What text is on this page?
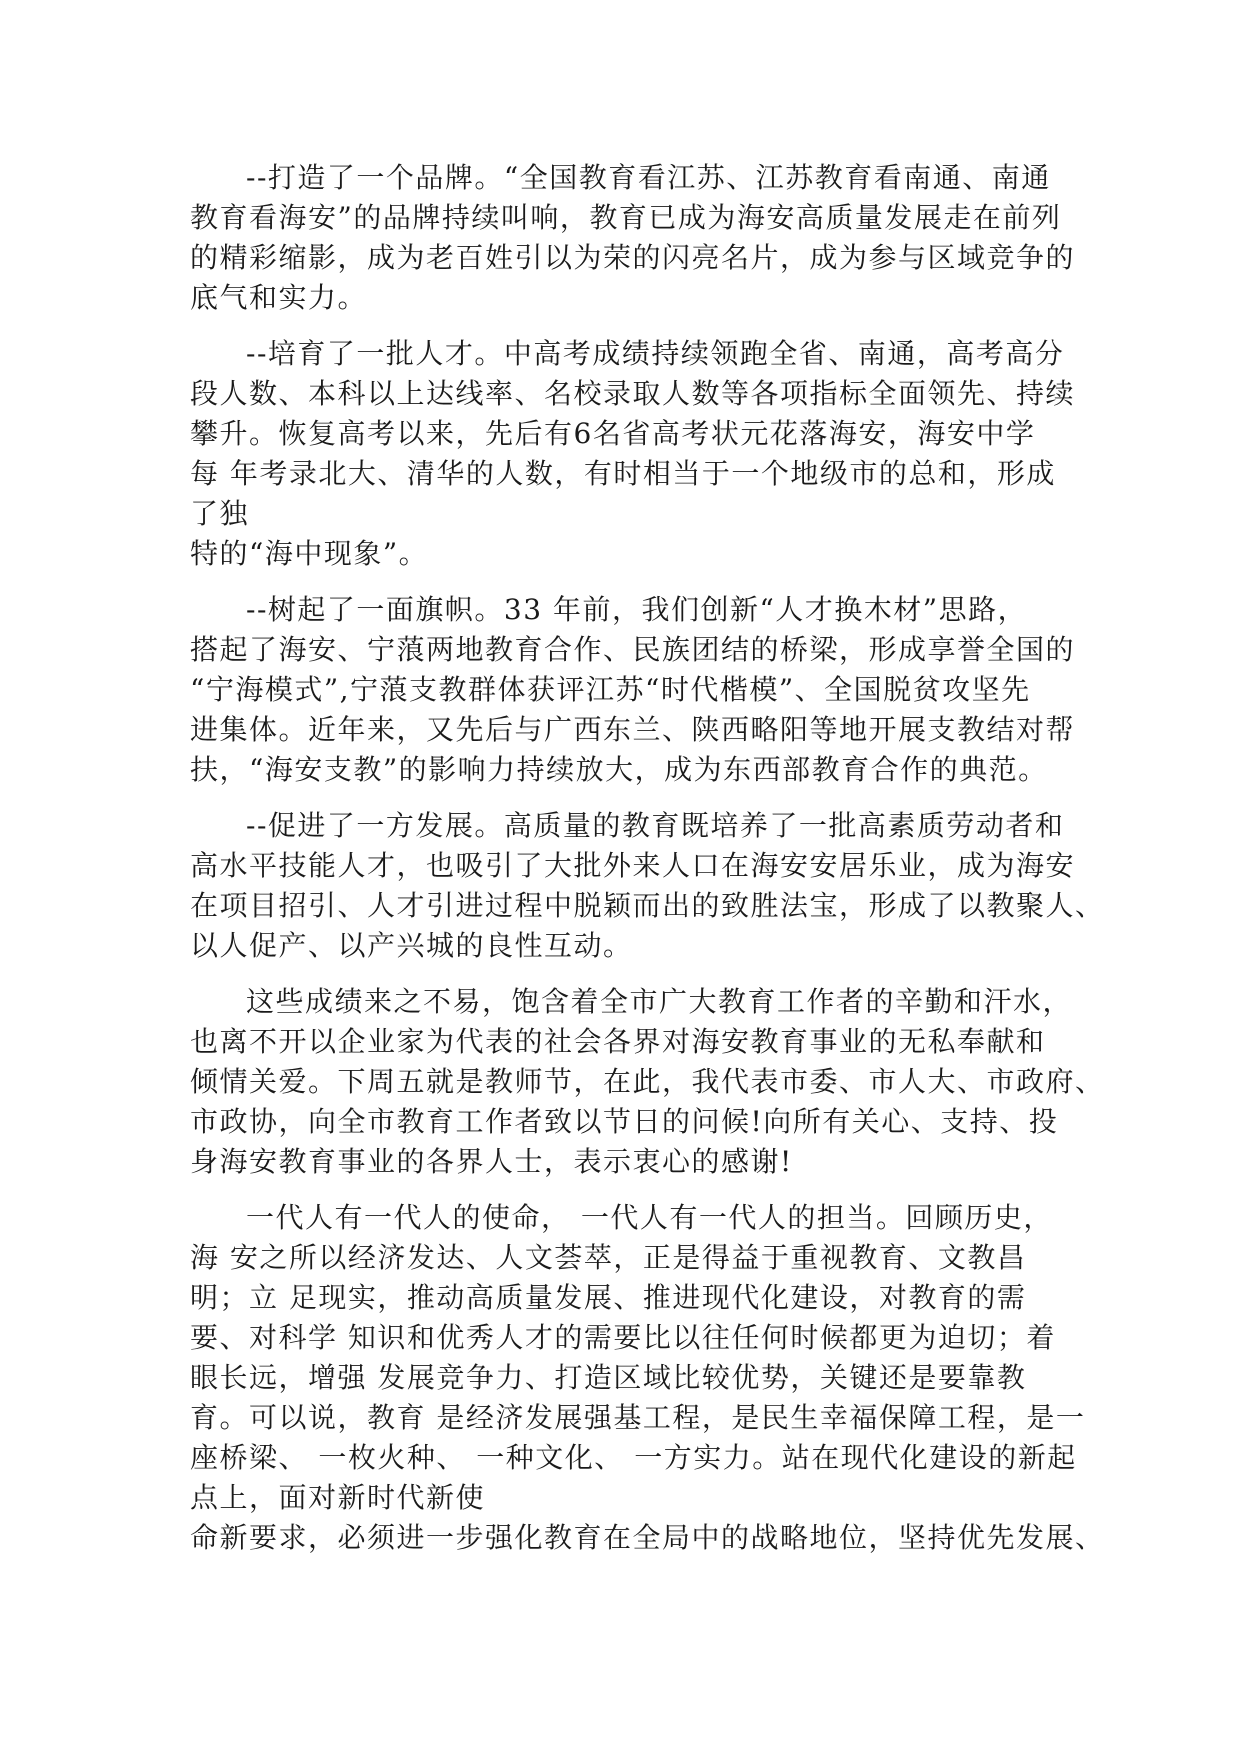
--打造了一个品牌。“全国教育看江苏、江苏教育看南通、南通
教育看海安”的品牌持续叫响，教育已成为海安高质量发展走在前列
的精彩缩影，成为老百姓引以为荣的闪亮名片，成为参与区域竞争的
底气和实力。
--培育了一批人才。中高考成绩持续领跑全省、南通，高考高分
段人数、本科以上达线率、名校录取人数等各项指标全面领先、持续
攀升。恢复高考以来，先后有6名省高考状元花落海安，海安中学
每 年考录北大、清华的人数，有时相当于一个地级市的总和，形成
了独
特的“海中现象”。
--树起了一面旗帜。33 年前，我们创新“人才换木材”思路，
搭起了海安、宁蒗两地教育合作、民族团结的桥梁，形成享誉全国的
“宁海模式”,宁蒗支教群体获评江苏“时代楷模”、全国脱贫攻坚先
进集体。近年来，又先后与广西东兰、陕西略阳等地开展支教结对帮
扶，“海安支教”的影响力持续放大，成为东西部教育合作的典范。
--促进了一方发展。高质量的教育既培养了一批高素质劳动者和
高水平技能人才，也吸引了大批外来人口在海安安居乐业，成为海安
在项目招引、人才引进过程中脱颖而出的致胜法宝，形成了以教聚人、
以人促产、以产兴城的良性互动。
这些成绩来之不易，饱含着全市广大教育工作者的辛勤和汗水，
也离不开以企业家为代表的社会各界对海安教育事业的无私奉献和
倾情关爱。下周五就是教师节，在此，我代表市委、市人大、市政府、
市政协，向全市教育工作者致以节日的问候!向所有关心、支持、投
身海安教育事业的各界人士，表示衷心的感谢!
一代人有一代人的使命， 一代人有一代人的担当。回顾历史，
海 安之所以经济发达、人文荟萃，正是得益于重视教育、文教昌
明；立 足现实，推动高质量发展、推进现代化建设，对教育的需
要、对科学 知识和优秀人才的需要比以往任何时候都更为迫切；着
眼长远，增强 发展竞争力、打造区域比较优势，关键还是要靠教
育。可以说，教育 是经济发展强基工程，是民生幸福保障工程，是一
座桥梁、 一枚火种、 一种文化、 一方实力。站在现代化建设的新起
点上，面对新时代新使
命新要求，必须进一步强化教育在全局中的战略地位，坚持优先发展、
